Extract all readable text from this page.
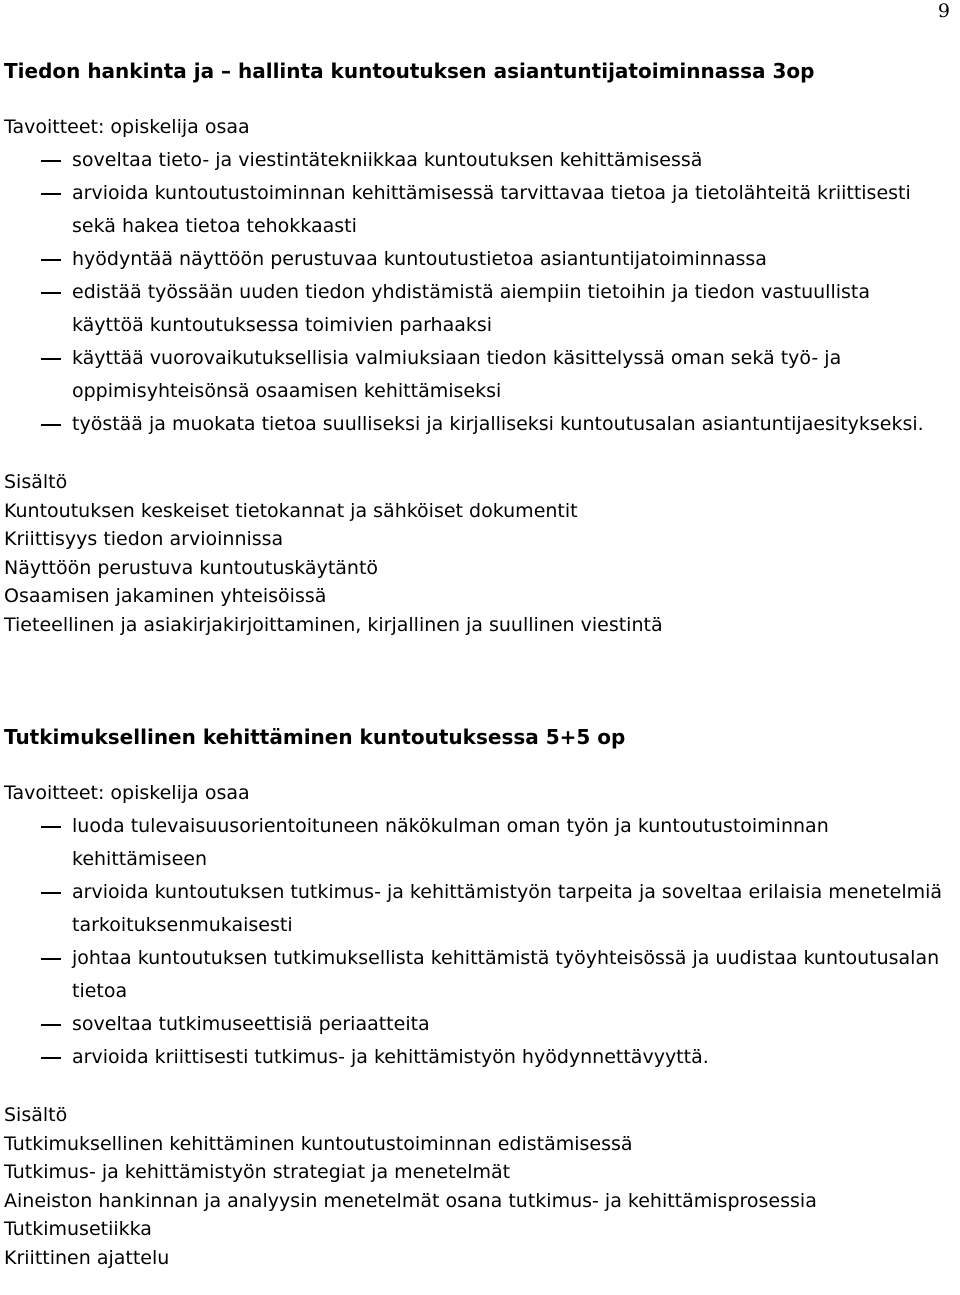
9
Tiedon hankinta ja – hallinta kuntoutuksen asiantuntijatoiminnassa 3op
Tavoitteet: opiskelija osaa
soveltaa tieto- ja viestintätekniikkaa kuntoutuksen kehittämisessä
arvioida kuntoutustoiminnan kehittämisessä tarvittavaa tietoa ja tietolähteitä kriittisesti sekä hakea tietoa tehokkaasti
hyödyntää näyttöön perustuvaa kuntoutustietoa asiantuntijatoiminnassa
edistää työssään uuden tiedon yhdistämistä aiempiin tietoihin ja tiedon vastuullista käyttöä kuntoutuksessa toimivien parhaaksi
käyttää vuorovaikutuksellisia valmiuksiaan tiedon käsittelyssä oman sekä työ- ja oppimisyhteisönsä osaamisen kehittämiseksi
työstää ja muokata tietoa suulliseksi ja kirjalliseksi kuntoutusalan asiantuntijaesitykseksi.
Sisältö
Kuntoutuksen keskeiset tietokannat ja sähköiset dokumentit
Kriittisyys tiedon arvioinnissa
Näyttöön perustuva kuntoutuskäytäntö
Osaamisen jakaminen yhteisöissä
Tieteellinen ja asiakirjakirjoittaminen, kirjallinen ja suullinen viestintä
Tutkimuksellinen kehittäminen kuntoutuksessa 5+5 op
Tavoitteet: opiskelija osaa
luoda tulevaisuusorientoituneen näkökulman oman työn ja kuntoutustoiminnan kehittämiseen
arvioida kuntoutuksen tutkimus- ja kehittämistyön tarpeita ja soveltaa erilaisia menetelmiä tarkoituksenmukaisesti
johtaa kuntoutuksen tutkimuksellista kehittämistä työyhteisössä ja uudistaa kuntoutusalan tietoa
soveltaa tutkimuseettisiä periaatteita
arvioida kriittisesti tutkimus- ja kehittämistyön hyödynnettävyyttä.
Sisältö
Tutkimuksellinen kehittäminen kuntoutustoiminnan edistämisessä
Tutkimus- ja kehittämistyön strategiat ja menetelmät
Aineiston hankinnan ja analyysin menetelmät osana tutkimus- ja kehittämisprosessia
Tutkimusetiikka
Kriittinen ajattelu
